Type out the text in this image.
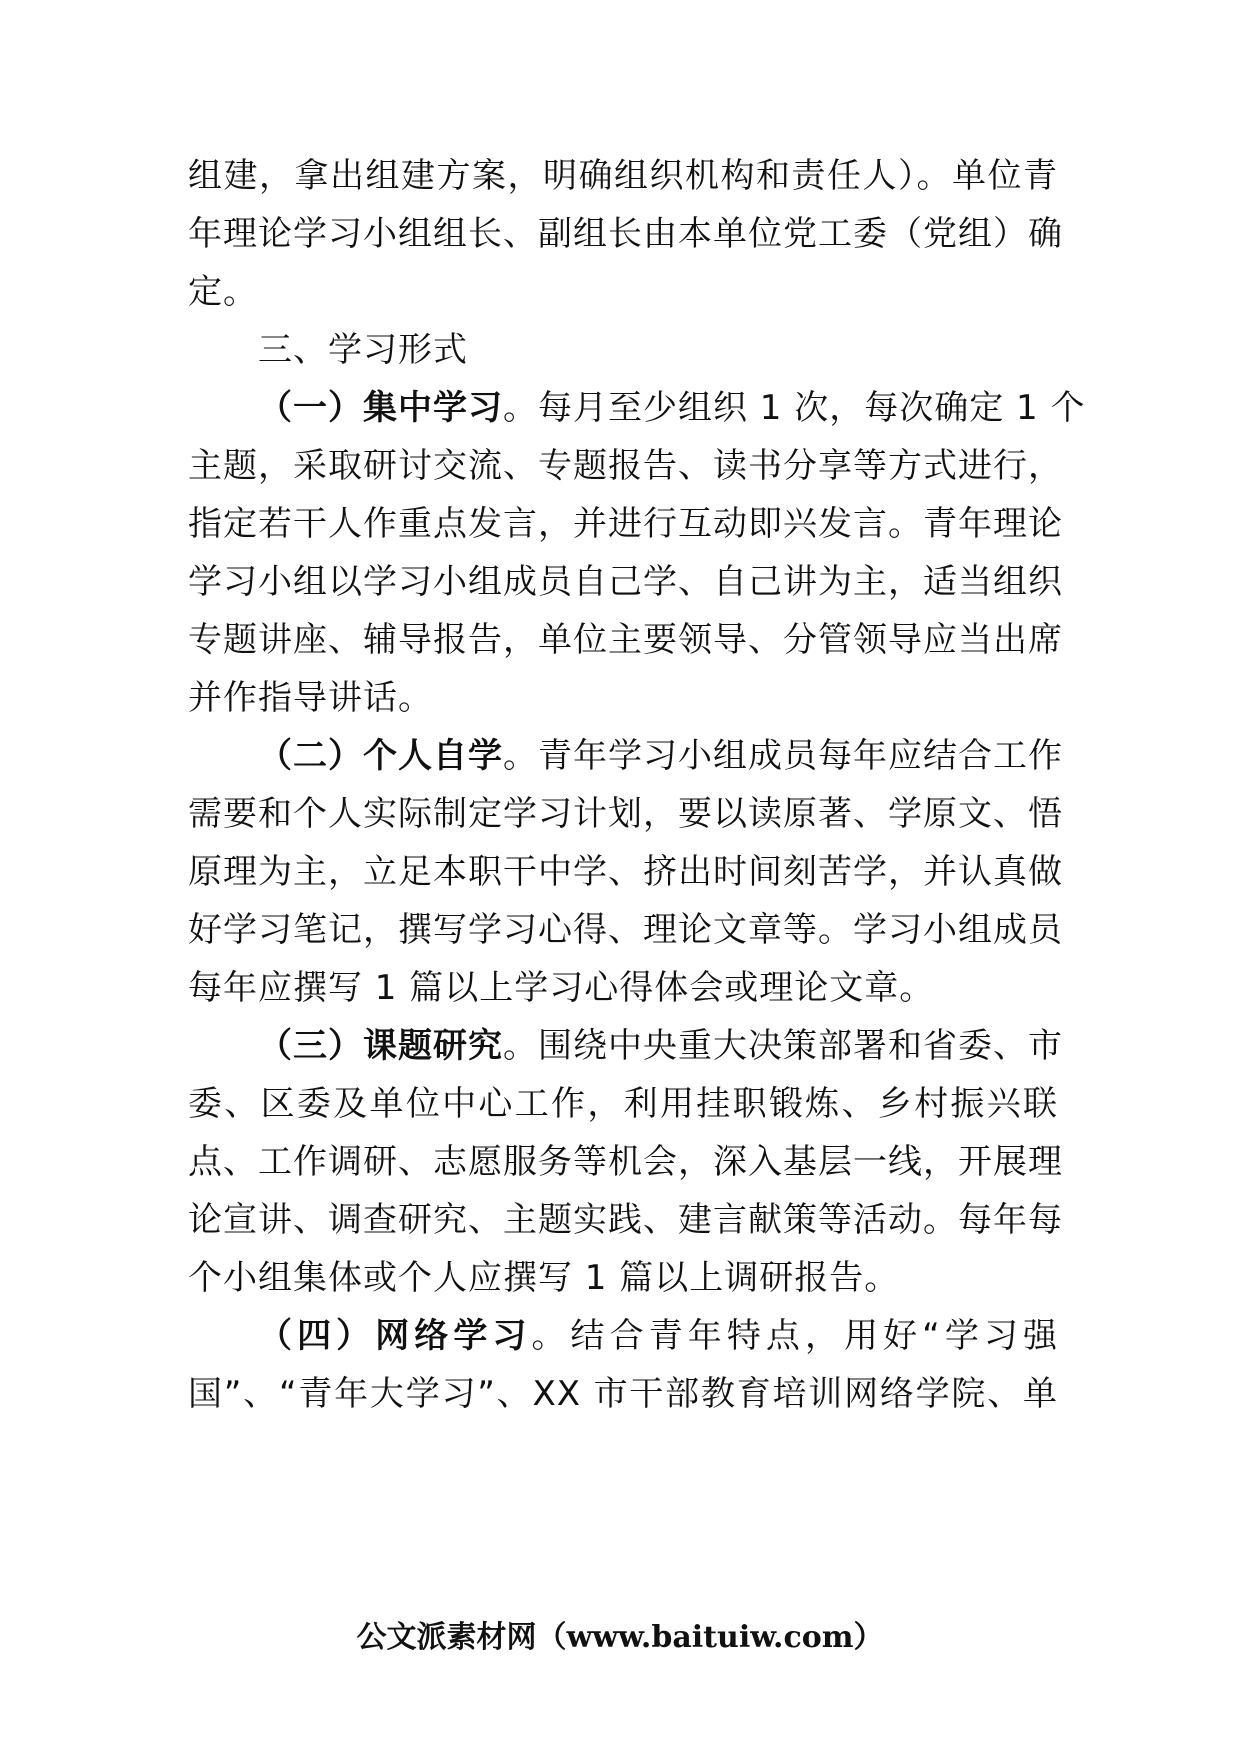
组建，拿出组建方案，明确组织机构和责任人）。单位青
年理论学习小组组长、副组长由本单位党工委（党组）确
定。
三、学习形式
（一）集中学习。每月至少组织 1 次，每次确定 1 个
主题，采取研讨交流、专题报告、读书分享等方式进行，
指定若干人作重点发言，并进行互动即兴发言。青年理论
学习小组以学习小组成员自己学、自己讲为主，适当组织
专题讲座、辅导报告，单位主要领导、分管领导应当出席
并作指导讲话。
（二）个人自学。青年学习小组成员每年应结合工作
需要和个人实际制定学习计划，要以读原著、学原文、悟
原理为主，立足本职干中学、挤出时间刻苦学，并认真做
好学习笔记，撰写学习心得、理论文章等。学习小组成员
每年应撰写 1 篇以上学习心得体会或理论文章。
（三）课题研究。围绕中央重大决策部署和省委、市
委、区委及单位中心工作，利用挂职锻炼、乡村振兴联
点、工作调研、志愿服务等机会，深入基层一线，开展理
论宣讲、调查研究、主题实践、建言献策等活动。每年每
个小组集体或个人应撰写 1 篇以上调研报告。
（四）网络学习。结合青年特点，用好“学习强
国”、“青年大学习”、XX 市干部教育培训网络学院、单
公文派素材网（www.baituiw.com）
